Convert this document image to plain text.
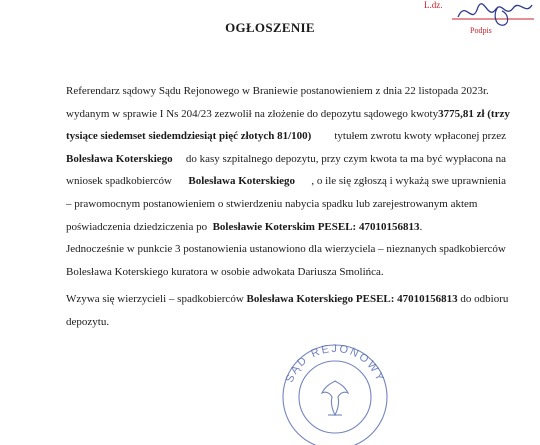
L.dz.
Podpis
OGŁOSZENIE
Referendarz sądowy Sądu Rejonowego w Braniewie postanowieniem z dnia 22 listopada 2023r.
wydanym w sprawie I Ns 204/23 zezwolił na złożenie do depozytu sądowego kwoty 3775,81 zł (trzy
tysiące siedemset siedemdziesiąt pięć złotych 81/100) tytułem zwrotu kwoty wpłaconej przez
Bolesława Koterskiego do kasy szpitalnego depozytu, przy czym kwota ta ma być wypłacona na
wniosek spadkobierców Bolesława Koterskiego , o ile się zgłoszą i wykażą swe uprawnienia
– prawomocnym postanowieniem o stwierdzeniu nabycia spadku lub zarejestrowanym aktem
poświadczenia dziedziczenia po
Bolesławie Koterskim PESEL: 47010156813 .
Jednocześnie w punkcie 3 postanowienia ustanowiono dla wierzyciela – nieznanych spadkobierców
Bolesława Koterskiego kuratora w osobie adwokata Dariusza Smolińca.
Wzywa się wierzycieli – spadkobierców
Bolesława Koterskiego PESEL: 47010156813
do odbioru
depozytu.
SĄD REJONOWY
